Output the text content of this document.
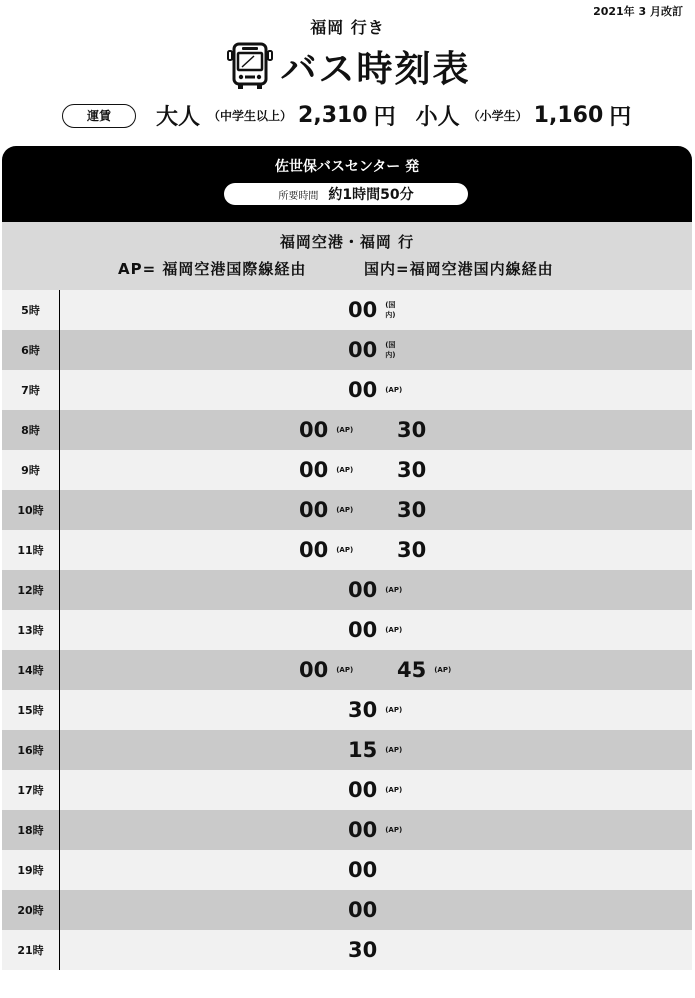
2021年 3 月改訂
福岡 行き
バス時刻表
運賃	大人 （中学生以上） 2,310 円 小人 （小学生） 1,160 円
佐世保バスセンター 発
所要時間 約1時間50分
福岡空港・福岡 行
AP= 福岡空港国際線経由	国内=福岡空港国内線経由
5時	00 (国内)
6時	00 (国内)
7時	00 (AP)
8時	00 (AP) 30
9時	00 (AP) 30
10時	00 (AP) 30
11時	00 (AP) 30
12時	00 (AP)
13時	00 (AP)
14時	00 (AP) 45 (AP)
15時	30 (AP)
16時	15 (AP)
17時	00 (AP)
18時	00 (AP)
19時	00
20時	00
21時	30
